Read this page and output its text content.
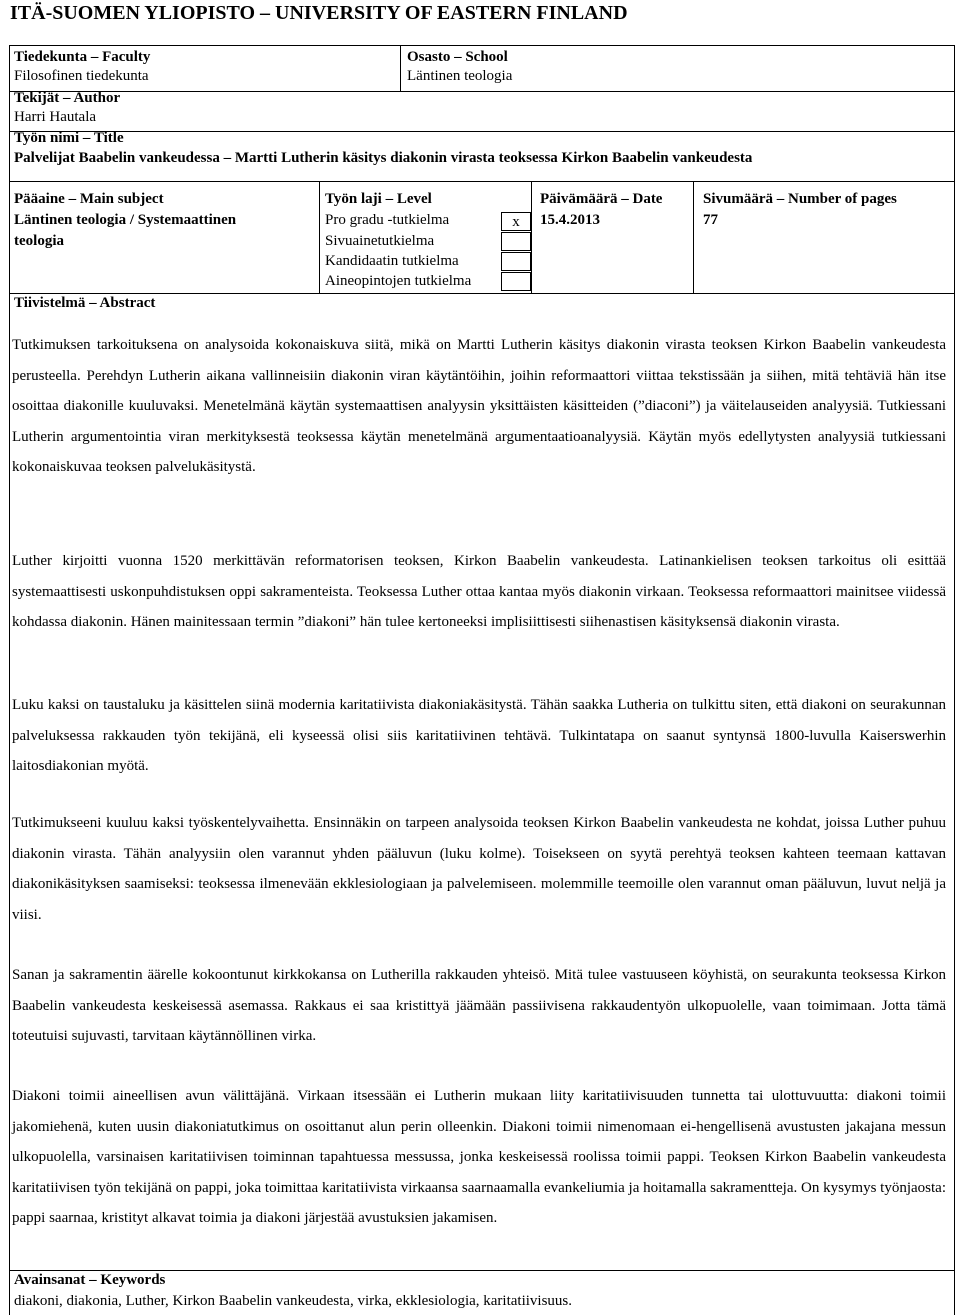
ITÄ-SUOMEN YLIOPISTO – UNIVERSITY OF EASTERN FINLAND
Tiedekunta – Faculty
Filosofinen tiedekunta
Osasto – School
Läntinen teologia
Tekijät – Author
Harri Hautala
Työn nimi – Title
Palvelijat Baabelin vankeudessa – Martti Lutherin käsitys diakonin virasta teoksessa Kirkon Baabelin vankeudesta
Pääaine – Main subject
Läntinen teologia / Systemaattinen
teologia
Työn laji – Level
Pro gradu -tutkielma
Sivuainetutkielma
Kandidaatin tutkielma
Aineopintojen tutkielma
x
Päivämäärä – Date
15.4.2013
Sivumäärä – Number of pages
77
Tiivistelmä – Abstract

Tutkimuksen tarkoituksena on analysoida kokonaiskuva siitä, mikä on Martti Lutherin käsitys diakonin virasta teoksen Kirkon Baabelin vankeudesta perusteella. Perehdyn Lutherin aikana vallinneisiin diakonin viran käytäntöihin, joihin reformaattori viittaa tekstissään ja siihen, mitä tehtäviä hän itse osoittaa diakonille kuuluvaksi. Menetelmänä käytän systemaattisen analyysin yksittäisten käsitteiden (”diaconi”) ja väitelauseiden analyysiä. Tutkiessani Lutherin argumentointia viran merkityksestä teoksessa käytän menetelmänä argumentaatioanalyysiä. Käytän myös edellytysten analyysiä tutkiessani kokonaiskuvaa teoksen palvelukäsitystä.

Luther kirjoitti vuonna 1520 merkittävän reformatorisen teoksen, Kirkon Baabelin vankeudesta. Latinankielisen teoksen tarkoitus oli esittää systemaattisesti uskonpuhdistuksen oppi sakramenteista. Teoksessa Luther ottaa kantaa myös diakonin virkaan. Teoksessa reformaattori mainitsee viidessä kohdassa diakonin. Hänen mainitessaan termin ”diakoni” hän tulee kertoneeksi implisiittisesti siihenastisen käsityksensä diakonin virasta.

Luku kaksi on taustaluku ja käsittelen siinä modernia karitatiivista diakoniakäsitystä. Tähän saakka Lutheria on tulkittu siten, että diakoni on seurakunnan palveluksessa rakkauden työn tekijänä, eli kyseessä olisi siis karitatiivinen tehtävä. Tulkintatapa on saanut syntynsä 1800-luvulla Kaiserswerhin laitosdiakonian myötä.

Tutkimukseeni kuuluu kaksi työskentelyvaihetta. Ensinnäkin on tarpeen analysoida teoksen Kirkon Baabelin vankeudesta ne kohdat, joissa Luther puhuu diakonin virasta. Tähän analyysiin olen varannut yhden pääluvun (luku kolme). Toisekseen on syytä perehtyä teoksen kahteen teemaan kattavan diakonikäsityksen saamiseksi: teoksessa ilmenevään ekklesiologiaan ja palvelemiseen. molemmille teemoille olen varannut oman pääluvun, luvut neljä ja viisi.

Sanan ja sakramentin äärelle kokoontunut kirkkokansa on Lutherilla rakkauden yhteisö. Mitä tulee vastuuseen köyhistä, on seurakunta teoksessa Kirkon Baabelin vankeudesta keskeisessä asemassa. Rakkaus ei saa kristittyä jäämään passiivisena rakkaudentyön ulkopuolelle, vaan toimimaan. Jotta tämä toteutuisi sujuvasti, tarvitaan käytännöllinen virka.

Diakoni toimii aineellisen avun välittäjänä. Virkaan itsessään ei Lutherin mukaan liity karitatiivisuuden tunnetta tai ulottuvuutta: diakoni toimii jakomiehenä, kuten uusin diakoniatutkimus on osoittanut alun perin olleenkin. Diakoni toimii nimenomaan ei-hengellisenä avustusten jakajana messun ulkopuolella, varsinaisen karitatiivisen toiminnan tapahtuessa messussa, jonka keskeisessä roolissa toimii pappi. Teoksen Kirkon Baabelin vankeudesta karitatiivisen työn tekijänä on pappi, joka toimittaa karitatiivista virkaansa saarnaamalla evankeliumia ja hoitamalla sakramentteja. On kysymys työnjaosta: pappi saarnaa, kristityt alkavat toimia ja diakoni järjestää avustuksien jakamisen.

Avainsanat – Keywords
diakoni, diakonia, Luther, Kirkon Baabelin vankeudesta, virka, ekklesiologia, karitatiivisuus.
